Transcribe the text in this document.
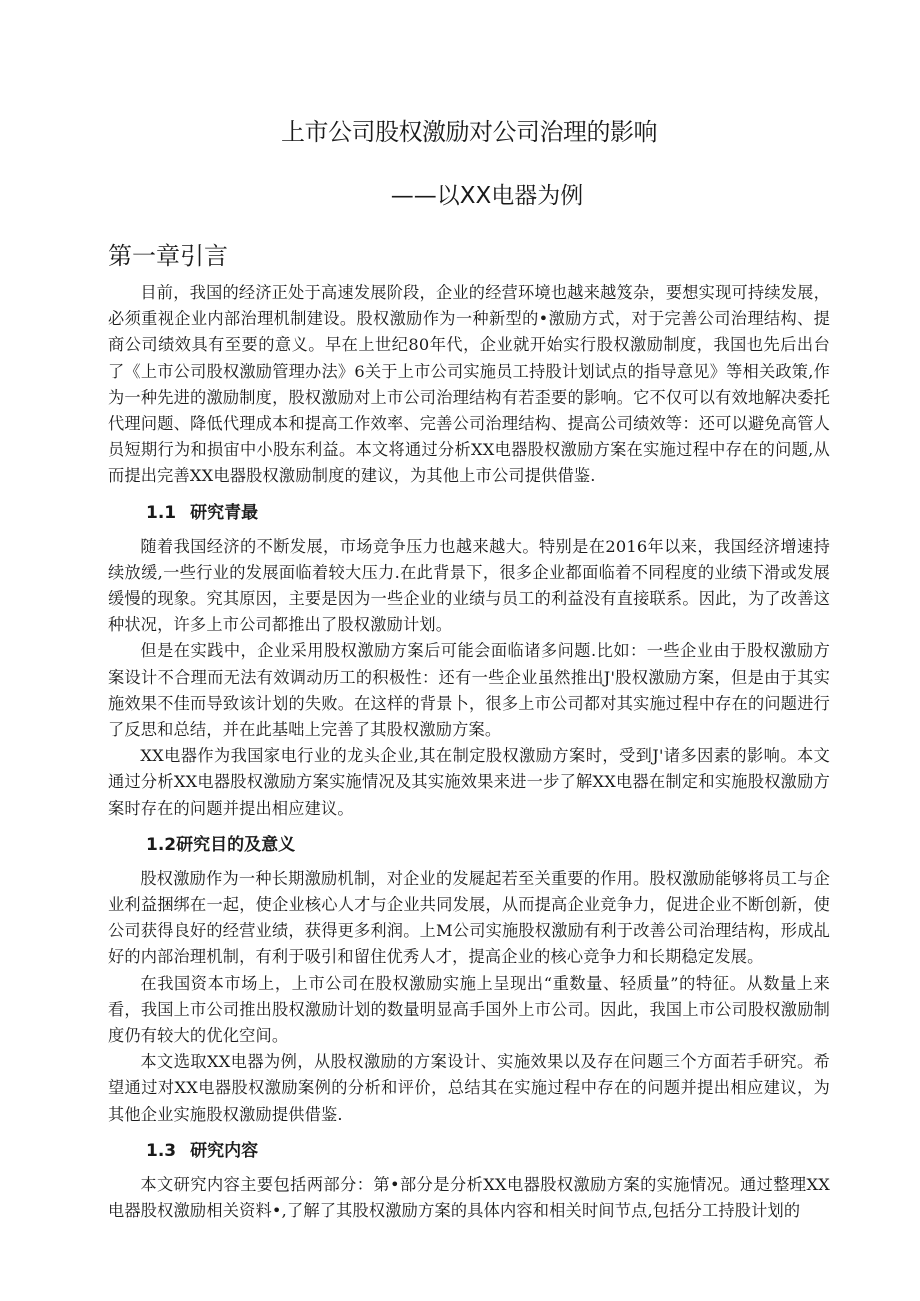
上市公司股权激励对公司治理的影响
——以XX电器为例
第一章引言

目前，我国的经济正处于高速发展阶段，企业的经营环境也越来越笈杂，要想实现可持续发展，必须重视企业内部治理机制建设。股权激励作为一种新型的•激励方式，对于完善公司治理结构、提商公司绩效具有至要的意义。早在上世纪80年代，企业就开始实行股权激励制度，我国也先后出台了《上市公司股权激励管理办法》6关于上市公司实施员工持股计划试点的指导意见》等相关政策,作为一种先进的激励制度，股权激励对上市公司治理结构有若歪要的影响。它不仅可以有效地解决委托代理问题、降低代理成本和提高工作效率、完善公司治理结构、提高公司绩效等：还可以避免高管人员短期行为和损宙中小股东利益。本文将通过分析XX电器股权激励方案在实施过程中存在的问题,从而提出完善XX电器股权激励制度的建议，为其他上市公司提供借鉴.

1.1 研究青最

随着我国经济的不断发展，市场竞争压力也越来越大。特别是在2016年以来，我国经济增速持续放缓,一些行业的发展面临着较大压力.在此背景下，很多企业都面临着不同程度的业绩下滑或发展缓慢的现象。究其原因，主要是因为一些企业的业绩与员工的利益没有直接联系。因此，为了改善这种状况，许多上市公司都推出了股权激励计划。

但是在实践中，企业采用股权激励方案后可能会面临诸多问题.比如：一些企业由于股权激励方案设计不合理而无法有效调动历工的积极性：还有一些企业虽然推出J'股权激励方案，但是由于其实施效果不佳而导致该计划的失败。在这样的背景卜，很多上市公司都对其实施过程中存在的问题进行了反思和总结，并在此基咄上完善了其股权激励方案。

XX电器作为我国家电行业的龙头企业,其在制定股权激励方案时，受到J'诸多因素的影响。本文通过分析XX电器股权激励方案实施情况及其实施效果来进一步了解XX电器在制定和实施股权激励方案时存在的问题并提出相应建议。

1.2研究目的及意义

股权激励作为一种长期激励机制，对企业的发屣起若至关重要的作用。股权激励能够将员工与企业利益捆绑在一起，使企业核心人才与企业共同发展，从而提高企业竞争力，促进企业不断创新，使公司获得良好的经营业绩，获得更多利润。上M公司实施股权激励有利于改善公司治理结构，形成乩好的内部治理机制，有利于吸引和留住优秀人才，提高企业的核心竞争力和长期稳定发展。

在我国资本市场上，上市公司在股权激励实施上呈现出“重数量、轻质量”的特征。从数量上来看，我国上市公司推出股权激励计划的数量明显高手国外上市公司。因此，我国上市公司股权激励制度仍有较大的优化空间。

本文选取XX电器为例，从股权激励的方案设计、实施效果以及存在问题三个方面若手研究。希望通过对XX电器股权激励案例的分析和评价，总结其在实施过程中存在的问题并提出相应建议，为其他企业实施股权激励提供借鉴.

1.3 研究内容

本文研究内容主要包括两部分：第•部分是分析XX电器股权激励方案的实施情况。通过整理XX电器股权激励相关资料•,了解了其股权激励方案的具体内容和相关时间节点,包括分工持股计划的
